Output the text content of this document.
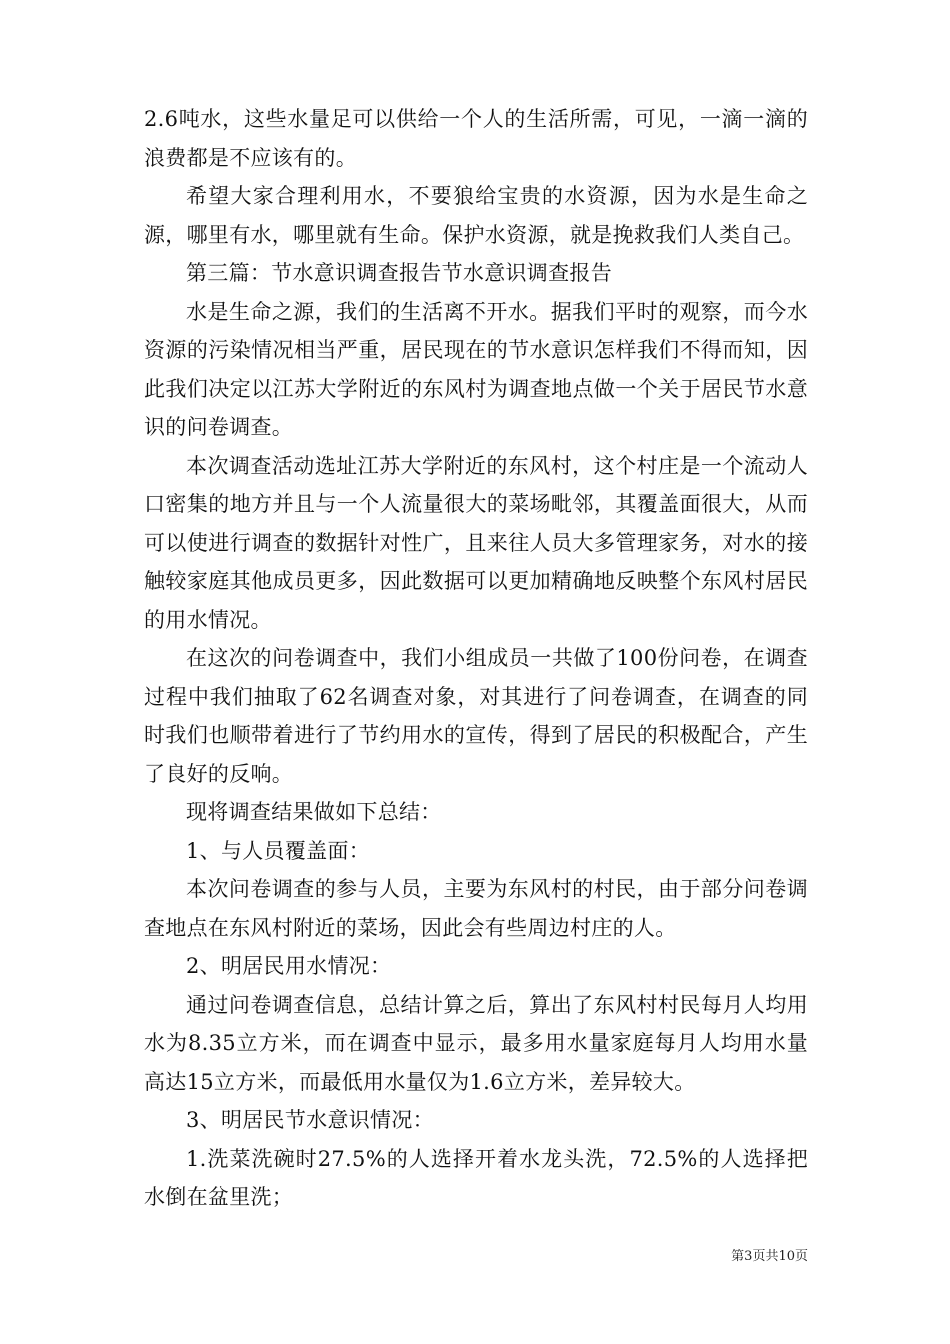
2.6吨水，这些水量足可以供给一个人的生活所需，可见，一滴一滴的浪费都是不应该有的。

希望大家合理利用水，不要狼给宝贵的水资源，因为水是生命之源，哪里有水，哪里就有生命。保护水资源，就是挽救我们人类自己。

第三篇：节水意识调查报告节水意识调查报告

水是生命之源，我们的生活离不开水。据我们平时的观察，而今水资源的污染情况相当严重，居民现在的节水意识怎样我们不得而知，因此我们决定以江苏大学附近的东风村为调查地点做一个关于居民节水意识的问卷调查。

本次调查活动选址江苏大学附近的东风村，这个村庄是一个流动人口密集的地方并且与一个人流量很大的菜场毗邻，其覆盖面很大，从而可以使进行调查的数据针对性广，且来往人员大多管理家务，对水的接触较家庭其他成员更多，因此数据可以更加精确地反映整个东风村居民的用水情况。

在这次的问卷调查中，我们小组成员一共做了100份问卷，在调查过程中我们抽取了62名调查对象，对其进行了问卷调查，在调查的同时我们也顺带着进行了节约用水的宣传，得到了居民的积极配合，产生了良好的反响。

现将调查结果做如下总结：

1、与人员覆盖面：

本次问卷调查的参与人员，主要为东风村的村民，由于部分问卷调查地点在东风村附近的菜场，因此会有些周边村庄的人。

2、明居民用水情况：

通过问卷调查信息，总结计算之后，算出了东风村村民每月人均用水为8.35立方米，而在调查中显示，最多用水量家庭每月人均用水量高达15立方米，而最低用水量仅为1.6立方米，差异较大。

3、明居民节水意识情况：

1.洗菜洗碗时27.5%的人选择开着水龙头洗，72.5%的人选择把水倒在盆里洗；

第3页共10页
